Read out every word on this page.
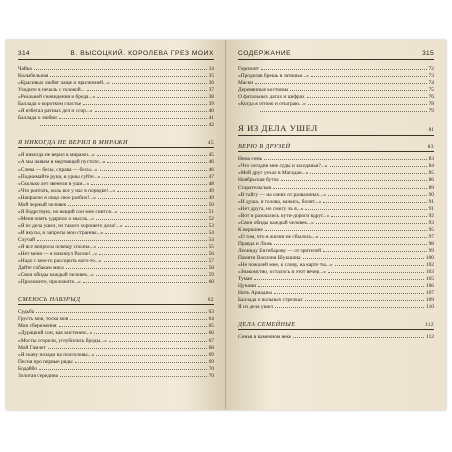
314	В. ВЫСОЦКИЙ. КОРОЛЕВА ГРЕЗ МОИХ
Чайка	34
Колыбельная	35
«Красивых любят чаще и прилежней...»	36
Уходите в печаль с головой...	37
«Реальней сновидения и бреда...»	38
Баллада о коротком счастье	39
«Я избегал ратных дел и ссор...»	40
Баллада о любви	41
42
Я НИКОГДА НЕ ВЕРИЛ В МИРАЖИ	45
«Я никогда не верил в миражи...»	45
«А мы живем в мертвящей пустоте...»	46
«Слева — бесы, справа — бесы...»	46
«Поднимайте руки, в урны суйте...»	47
«Сколько лет звенели в уши...»	48
«Что роптать, коль все у нас в порядке!...»	49
«Напрасно я лицо свое разбил!...»	49
Мой черный человек	50
«Я бодрствую, но вещий сон мне снится...»	51
«Меня опять ударило о мысль...»	52
«Я из дела ушел, из такого хорошего дела!...»	53
«И вкусы, и запросы мои странны...»	54
Случай	54
«Я все вопросы освещу сполна...»	55
«Нет меня — я покинул Расею!...»	56
«Надо с кем-то рассорить кого-то...»	57
Дайте собакам мяса	58
«Свои обиды каждый человек...»	59
«Проложите, проложите...»	60
СМЕЮСЬ НАВЗРЫД	62
Судьба	63
Грусть моя, тоска моя	64
Мои сбережения	65
«Дурацкий сон, как кистенем...»	66
«Мосты сгорели, углубились броды...»	67
Мой Гамлет	68
«Я скачу позади на полголовы...»	69
Песня про первые ряды	69
Бодайбо	70
Золотая середина	70
СОДЕРЖАНИЕ	315
Горизонт	72
«Проделав брешь в затишье...»	73
Маски	74
Деревянные костюмы	75
О фатальных датах и цифрах	76
«Когда я отпою и отыграю...»	78
79
Я ИЗ ДЕЛА УШЕЛ	81
ВЕРЮ В ДРУЗЕЙ	83
Нема семь	83
«Что сегодня мне суды и заседанья?...»	84
«Мой друг уехал в Магадан...»	85
Ноябрьская бутча	86
Старательская	89
«В тайгу — на санях от развалинах...»	90
«И душа, и голова, кажись, болит...»	91
«Нет друга, но смогу ль я...»	91
«Вот и разошлись пути-дороги вдруг...»	92
«Свои обиды каждый человек...»	93
К вершине	95
«О том, что в жизни не сбылось...»	97
Правда и Ложь	98
Леониду Енгибарову — от зрителей	99
Памяти Василия Шукшина	100
«Не пожалей мне, к слову, на карте ты...»	102
«Знакомство, осталось и этот вечер...»	103
Туман	105
Цунами	106
Нить Ариадны	107
Баллада о вольных стрелках	109
Я из дела ушел	110
ДЕЛА СЕМЕЙНЫЕ	112
Семья в каменном веке	112
